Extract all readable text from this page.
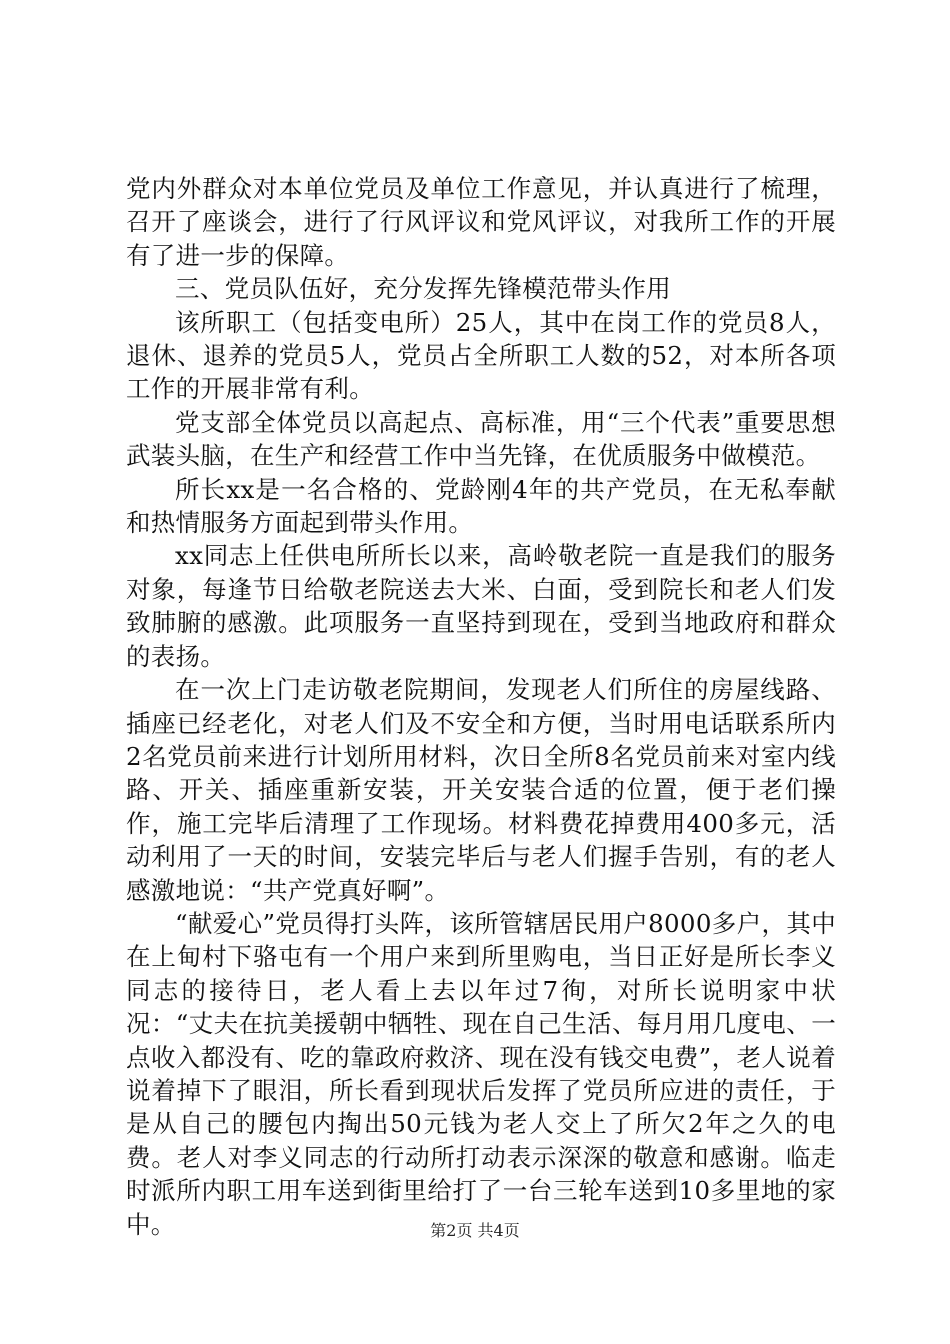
党内外群众对本单位党员及单位工作意见，并认真进行了梳理，召开了座谈会，进行了行风评议和党风评议，对我所工作的开展有了进一步的保障。

三、党员队伍好，充分发挥先锋模范带头作用

该所职工（包括变电所）25人，其中在岗工作的党员8人，退休、退养的党员5人，党员占全所职工人数的52，对本所各项工作的开展非常有利。

党支部全体党员以高起点、高标准，用“三个代表”重要思想武装头脑，在生产和经营工作中当先锋，在优质服务中做模范。

所长xx是一名合格的、党龄刚4年的共产党员，在无私奉献和热情服务方面起到带头作用。

xx同志上任供电所所长以来，高岭敬老院一直是我们的服务对象，每逢节日给敬老院送去大米、白面，受到院长和老人们发致肺腑的感激。此项服务一直坚持到现在，受到当地政府和群众的表扬。

在一次上门走访敬老院期间，发现老人们所住的房屋线路、插座已经老化，对老人们及不安全和方便，当时用电话联系所内2名党员前来进行计划所用材料，次日全所8名党员前来对室内线路、开关、插座重新安装，开关安装合适的位置，便于老们操作，施工完毕后清理了工作现场。材料费花掉费用400多元，活动利用了一天的时间，安装完毕后与老人们握手告别，有的老人感激地说：“共产党真好啊”。

“献爱心”党员得打头阵，该所管辖居民用户8000多户，其中在上甸村下骆屯有一个用户来到所里购电，当日正好是所长李义同志的接待日，老人看上去以年过7徇，对所长说明家中状况：“丈夫在抗美援朝中牺牲、现在自己生活、每月用几度电、一点收入都没有、吃的靠政府救济、现在没有钱交电费”，老人说着说着掉下了眼泪，所长看到现状后发挥了党员所应进的责任，于是从自己的腰包内掏出50元钱为老人交上了所欠2年之久的电费。老人对李义同志的行动所打动表示深深的敬意和感谢。临走时派所内职工用车送到街里给打了一台三轮车送到10多里地的家中。	第2页 共4页
